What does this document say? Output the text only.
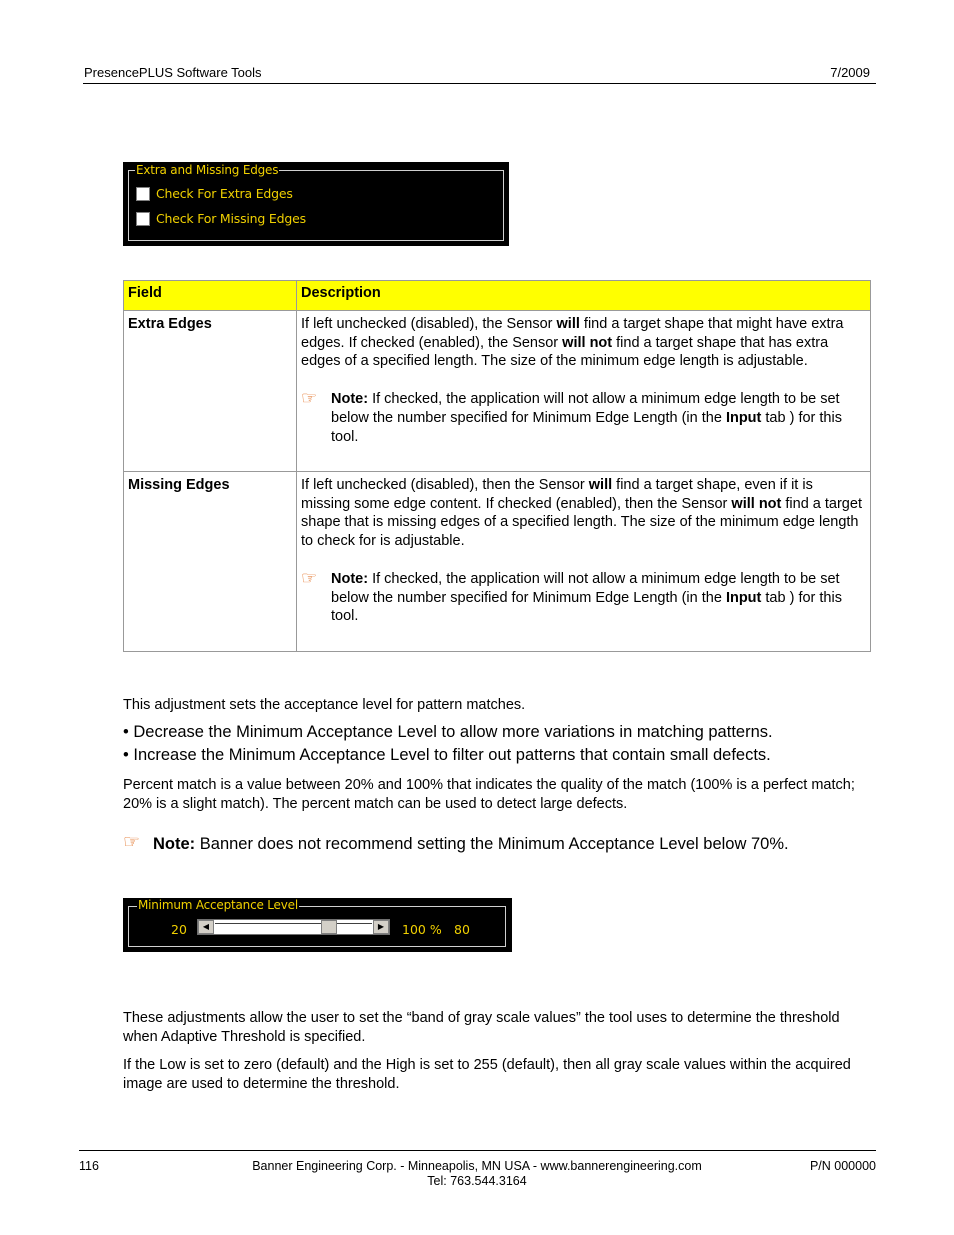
PresencePLUS Software Tools	7/2009
Extra and Missing Edges
Check For Extra Edges
Check For Missing Edges
Field	Description
Extra Edges	If left unchecked (disabled), the Sensor will find a target shape that might have extra edges. If checked (enabled), the Sensor will not find a target shape that has extra edges of a specified length. The size of the minimum edge length is adjustable.
☞ Note: If checked, the application will not allow a minimum edge length to be set below the number specified for Minimum Edge Length (in the Input tab ) for this tool.

Missing Edges	If left unchecked (disabled), then the Sensor will find a target shape, even if it is missing some edge content. If checked (enabled), then the Sensor will not find a target shape that is missing edges of a specified length. The size of the minimum edge length to check for is adjustable.
☞ Note: If checked, the application will not allow a minimum edge length to be set below the number specified for Minimum Edge Length (in the Input tab ) for this tool.
This adjustment sets the acceptance level for pattern matches.
• Decrease the Minimum Acceptance Level to allow more variations in matching patterns.
• Increase the Minimum Acceptance Level to filter out patterns that contain small defects.
Percent match is a value between 20% and 100% that indicates the quality of the match (100% is a perfect match; 20% is a slight match). The percent match can be used to detect large defects.
☞ Note: Banner does not recommend setting the Minimum Acceptance Level below 70%.
Minimum Acceptance Level
20	◀	▶	100 % 80
These adjustments allow the user to set the “band of gray scale values” the tool uses to determine the threshold when Adaptive Threshold is specified.
If the Low is set to zero (default) and the High is set to 255 (default), then all gray scale values within the acquired image are used to determine the threshold.
116	Banner Engineering Corp. - Minneapolis, MN USA - www.bannerengineering.com
Tel: 763.544.3164
P/N 000000
